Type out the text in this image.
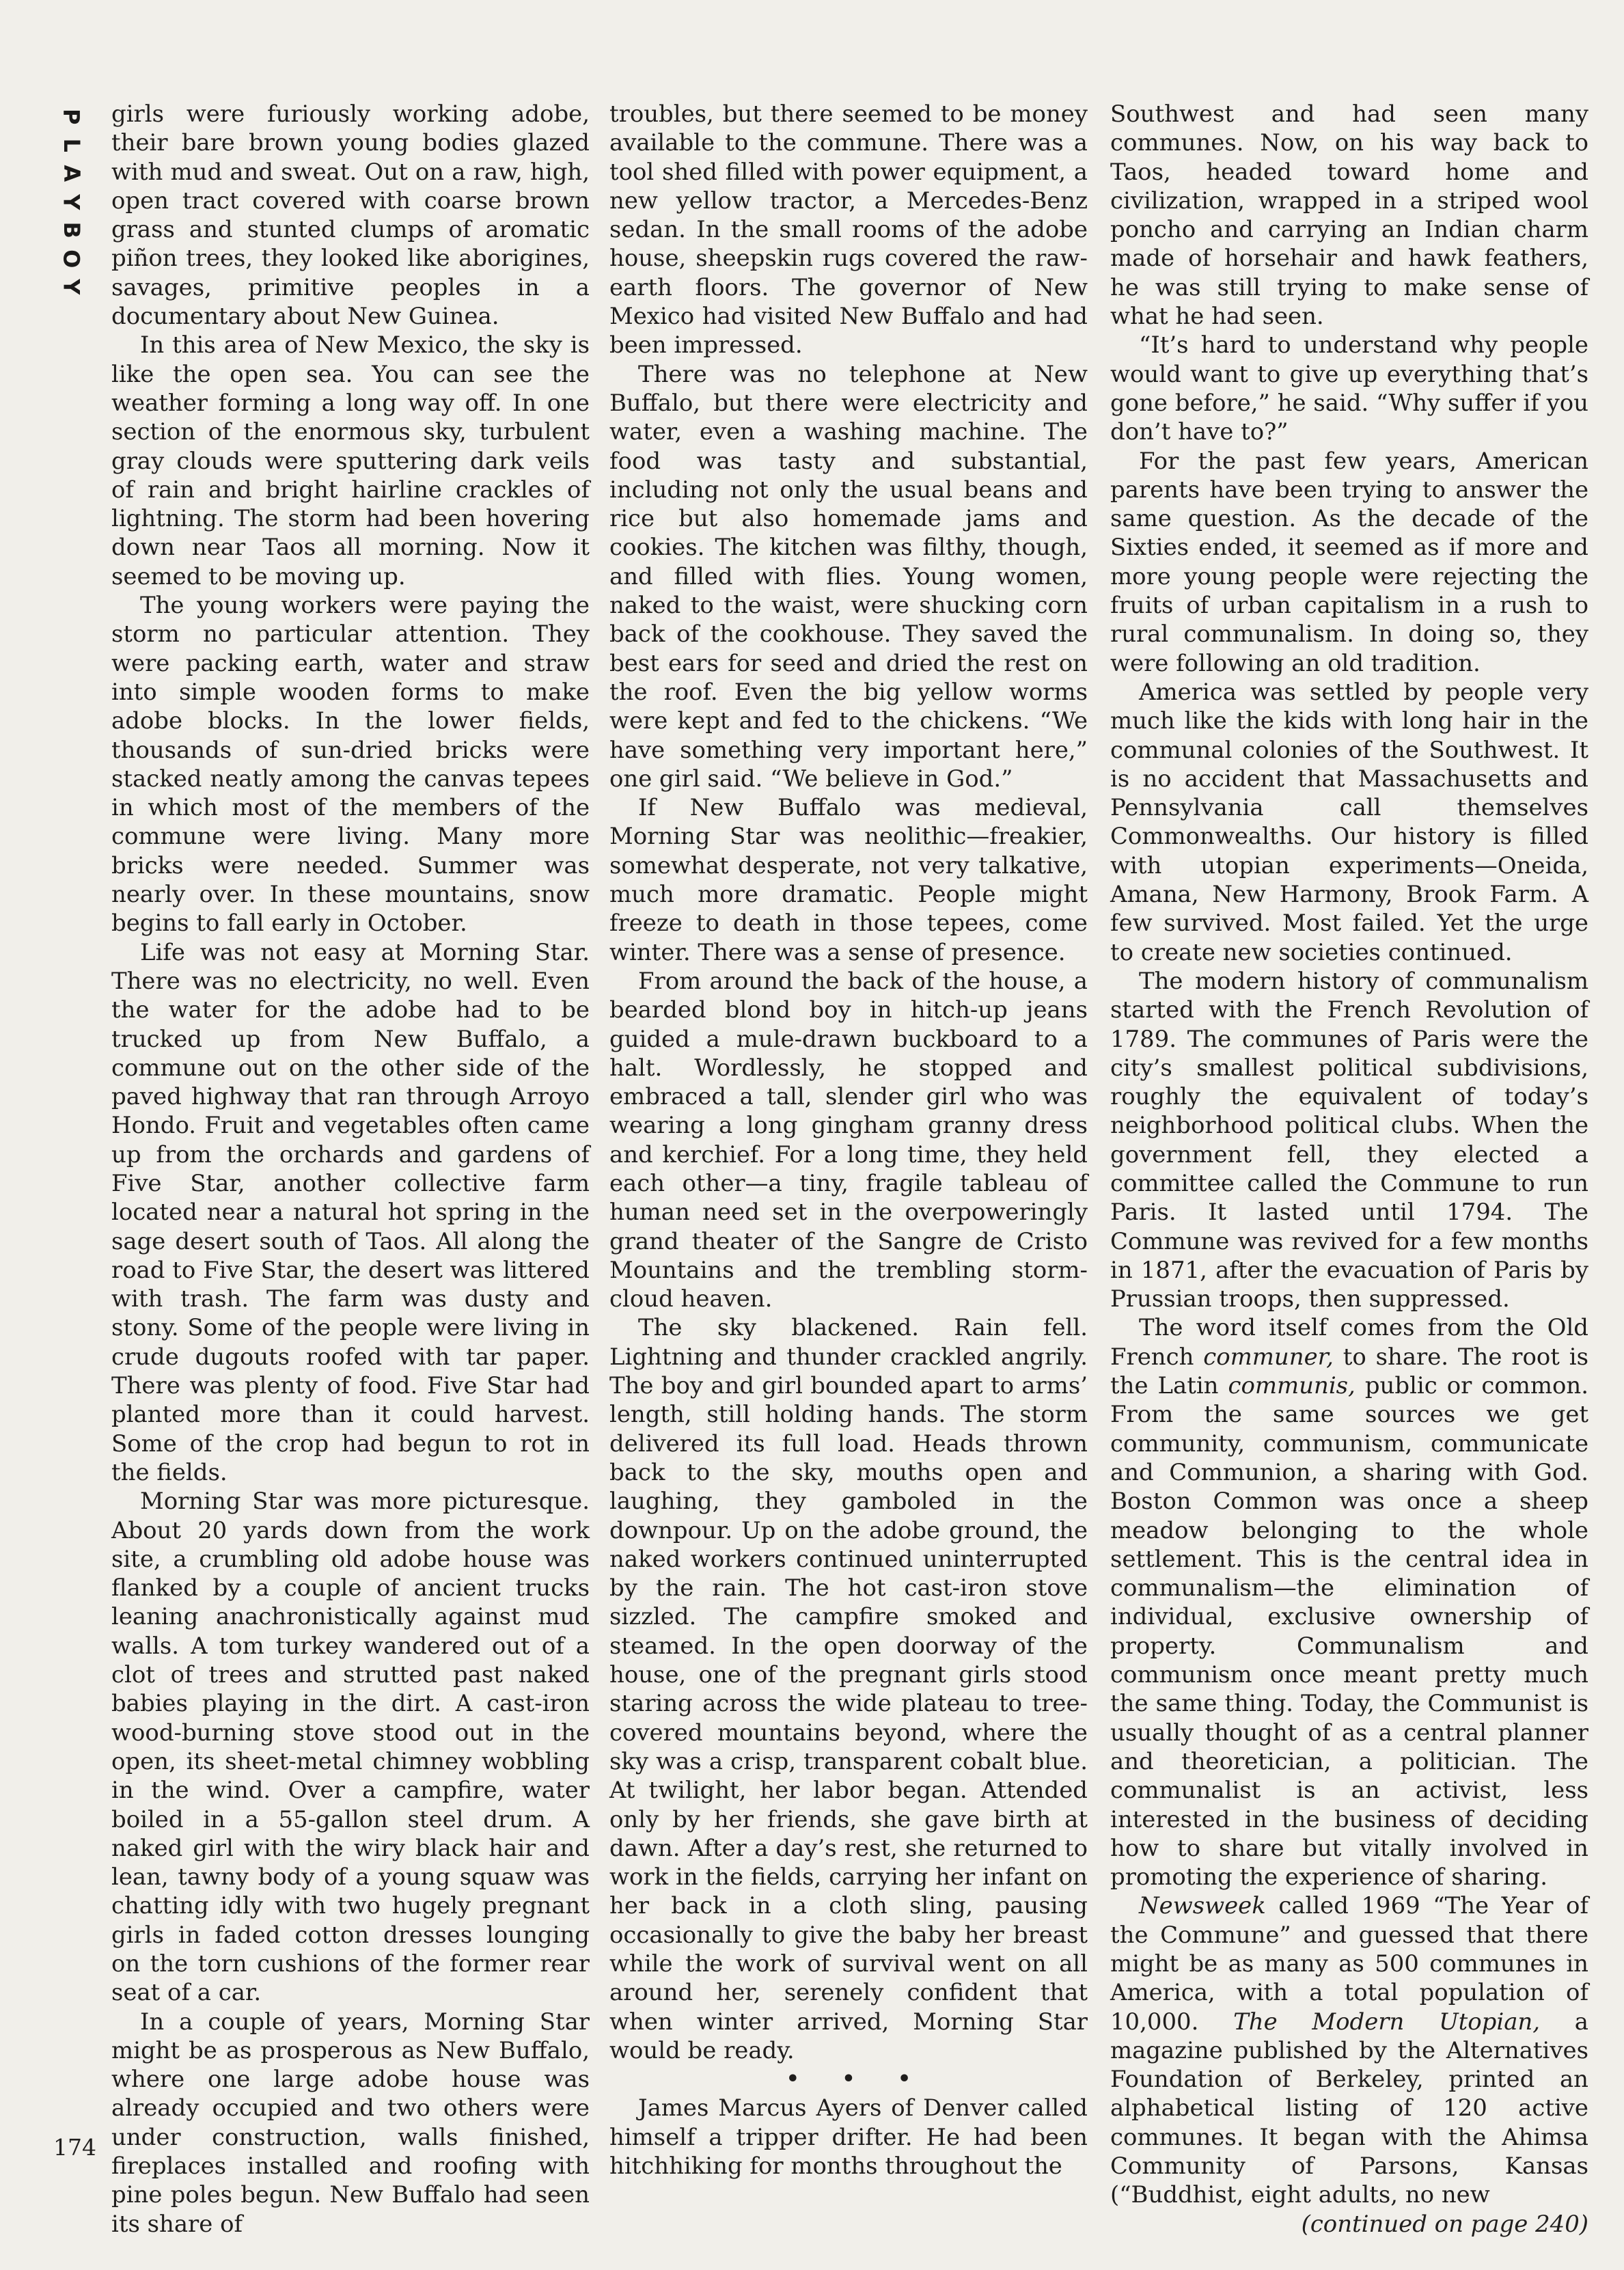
P
L
A
Y
B
O
Y

girls were furiously working adobe, their bare brown young bodies glazed with mud and sweat. Out on a raw, high, open tract covered with coarse brown grass and stunted clumps of aromatic piñon trees, they looked like aborigines, savages, primitive peoples in a documentary about New Guinea.

In this area of New Mexico, the sky is like the open sea. You can see the weather forming a long way off. In one section of the enormous sky, turbulent gray clouds were sputtering dark veils of rain and bright hairline crackles of lightning. The storm had been hovering down near Taos all morning. Now it seemed to be moving up.

The young workers were paying the storm no particular attention. They were packing earth, water and straw into simple wooden forms to make adobe blocks. In the lower fields, thousands of sun-dried bricks were stacked neatly among the canvas tepees in which most of the members of the commune were living. Many more bricks were needed. Summer was nearly over. In these mountains, snow begins to fall early in October.

Life was not easy at Morning Star. There was no electricity, no well. Even the water for the adobe had to be trucked up from New Buffalo, a commune out on the other side of the paved highway that ran through Arroyo Hondo. Fruit and vegetables often came up from the orchards and gardens of Five Star, another collective farm located near a natural hot spring in the sage desert south of Taos. All along the road to Five Star, the desert was littered with trash. The farm was dusty and stony. Some of the people were living in crude dugouts roofed with tar paper. There was plenty of food. Five Star had planted more than it could harvest. Some of the crop had begun to rot in the fields.

Morning Star was more picturesque. About 20 yards down from the work site, a crumbling old adobe house was flanked by a couple of ancient trucks leaning anachronistically against mud walls. A tom turkey wandered out of a clot of trees and strutted past naked babies playing in the dirt. A cast-iron wood-burning stove stood out in the open, its sheet-metal chimney wobbling in the wind. Over a campfire, water boiled in a 55-gallon steel drum. A naked girl with the wiry black hair and lean, tawny body of a young squaw was chatting idly with two hugely pregnant girls in faded cotton dresses lounging on the torn cushions of the former rear seat of a car.

In a couple of years, Morning Star might be as prosperous as New Buffalo, where one large adobe house was already occupied and two others were under construction, walls finished, fireplaces installed and roofing with pine poles begun. New Buffalo had seen its share of

troubles, but there seemed to be money available to the commune. There was a tool shed filled with power equipment, a new yellow tractor, a Mercedes-Benz sedan. In the small rooms of the adobe house, sheepskin rugs covered the raw-earth floors. The governor of New Mexico had visited New Buffalo and had been impressed.

There was no telephone at New Buffalo, but there were electricity and water, even a washing machine. The food was tasty and substantial, including not only the usual beans and rice but also homemade jams and cookies. The kitchen was filthy, though, and filled with flies. Young women, naked to the waist, were shucking corn back of the cookhouse. They saved the best ears for seed and dried the rest on the roof. Even the big yellow worms were kept and fed to the chickens. “We have something very important here,” one girl said. “We believe in God.”

If New Buffalo was medieval, Morning Star was neolithic—freakier, somewhat desperate, not very talkative, much more dramatic. People might freeze to death in those tepees, come winter. There was a sense of presence.

From around the back of the house, a bearded blond boy in hitch-up jeans guided a mule-drawn buckboard to a halt. Wordlessly, he stopped and embraced a tall, slender girl who was wearing a long gingham granny dress and kerchief. For a long time, they held each other—a tiny, fragile tableau of human need set in the overpoweringly grand theater of the Sangre de Cristo Mountains and the trembling storm-cloud heaven.

The sky blackened. Rain fell. Lightning and thunder crackled angrily. The boy and girl bounded apart to arms’ length, still holding hands. The storm delivered its full load. Heads thrown back to the sky, mouths open and laughing, they gamboled in the downpour. Up on the adobe ground, the naked workers continued uninterrupted by the rain. The hot cast-iron stove sizzled. The campfire smoked and steamed. In the open doorway of the house, one of the pregnant girls stood staring across the wide plateau to tree-covered mountains beyond, where the sky was a crisp, transparent cobalt blue. At twilight, her labor began. Attended only by her friends, she gave birth at dawn. After a day’s rest, she returned to work in the fields, carrying her infant on her back in a cloth sling, pausing occasionally to give the baby her breast while the work of survival went on all around her, serenely confident that when winter arrived, Morning Star would be ready.

• • •

James Marcus Ayers of Denver called himself a tripper drifter. He had been hitchhiking for months throughout the

Southwest and had seen many communes. Now, on his way back to Taos, headed toward home and civilization, wrapped in a striped wool poncho and carrying an Indian charm made of horsehair and hawk feathers, he was still trying to make sense of what he had seen.

“It’s hard to understand why people would want to give up everything that’s gone before,” he said. “Why suffer if you don’t have to?”

For the past few years, American parents have been trying to answer the same question. As the decade of the Sixties ended, it seemed as if more and more young people were rejecting the fruits of urban capitalism in a rush to rural communalism. In doing so, they were following an old tradition.

America was settled by people very much like the kids with long hair in the communal colonies of the Southwest. It is no accident that Massachusetts and Pennsylvania call themselves Commonwealths. Our history is filled with utopian experiments—Oneida, Amana, New Harmony, Brook Farm. A few survived. Most failed. Yet the urge to create new societies continued.

The modern history of communalism started with the French Revolution of 1789. The communes of Paris were the city’s smallest political subdivisions, roughly the equivalent of today’s neighborhood political clubs. When the government fell, they elected a committee called the Commune to run Paris. It lasted until 1794. The Commune was revived for a few months in 1871, after the evacuation of Paris by Prussian troops, then suppressed.

The word itself comes from the Old French communer, to share. The root is the Latin communis, public or common. From the same sources we get community, communism, communicate and Communion, a sharing with God. Boston Common was once a sheep meadow belonging to the whole settlement. This is the central idea in communalism—the elimination of individual, exclusive ownership of property. Communalism and communism once meant pretty much the same thing. Today, the Communist is usually thought of as a central planner and theoretician, a politician. The communalist is an activist, less interested in the business of deciding how to share but vitally involved in promoting the experience of sharing.

Newsweek called 1969 “The Year of the Commune” and guessed that there might be as many as 500 communes in America, with a total population of 10,000. The Modern Utopian, a magazine published by the Alternatives Foundation of Berkeley, printed an alphabetical listing of 120 active communes. It began with the Ahimsa Community of Parsons, Kansas (“Buddhist, eight adults, no new

(continued on page 240)
174
